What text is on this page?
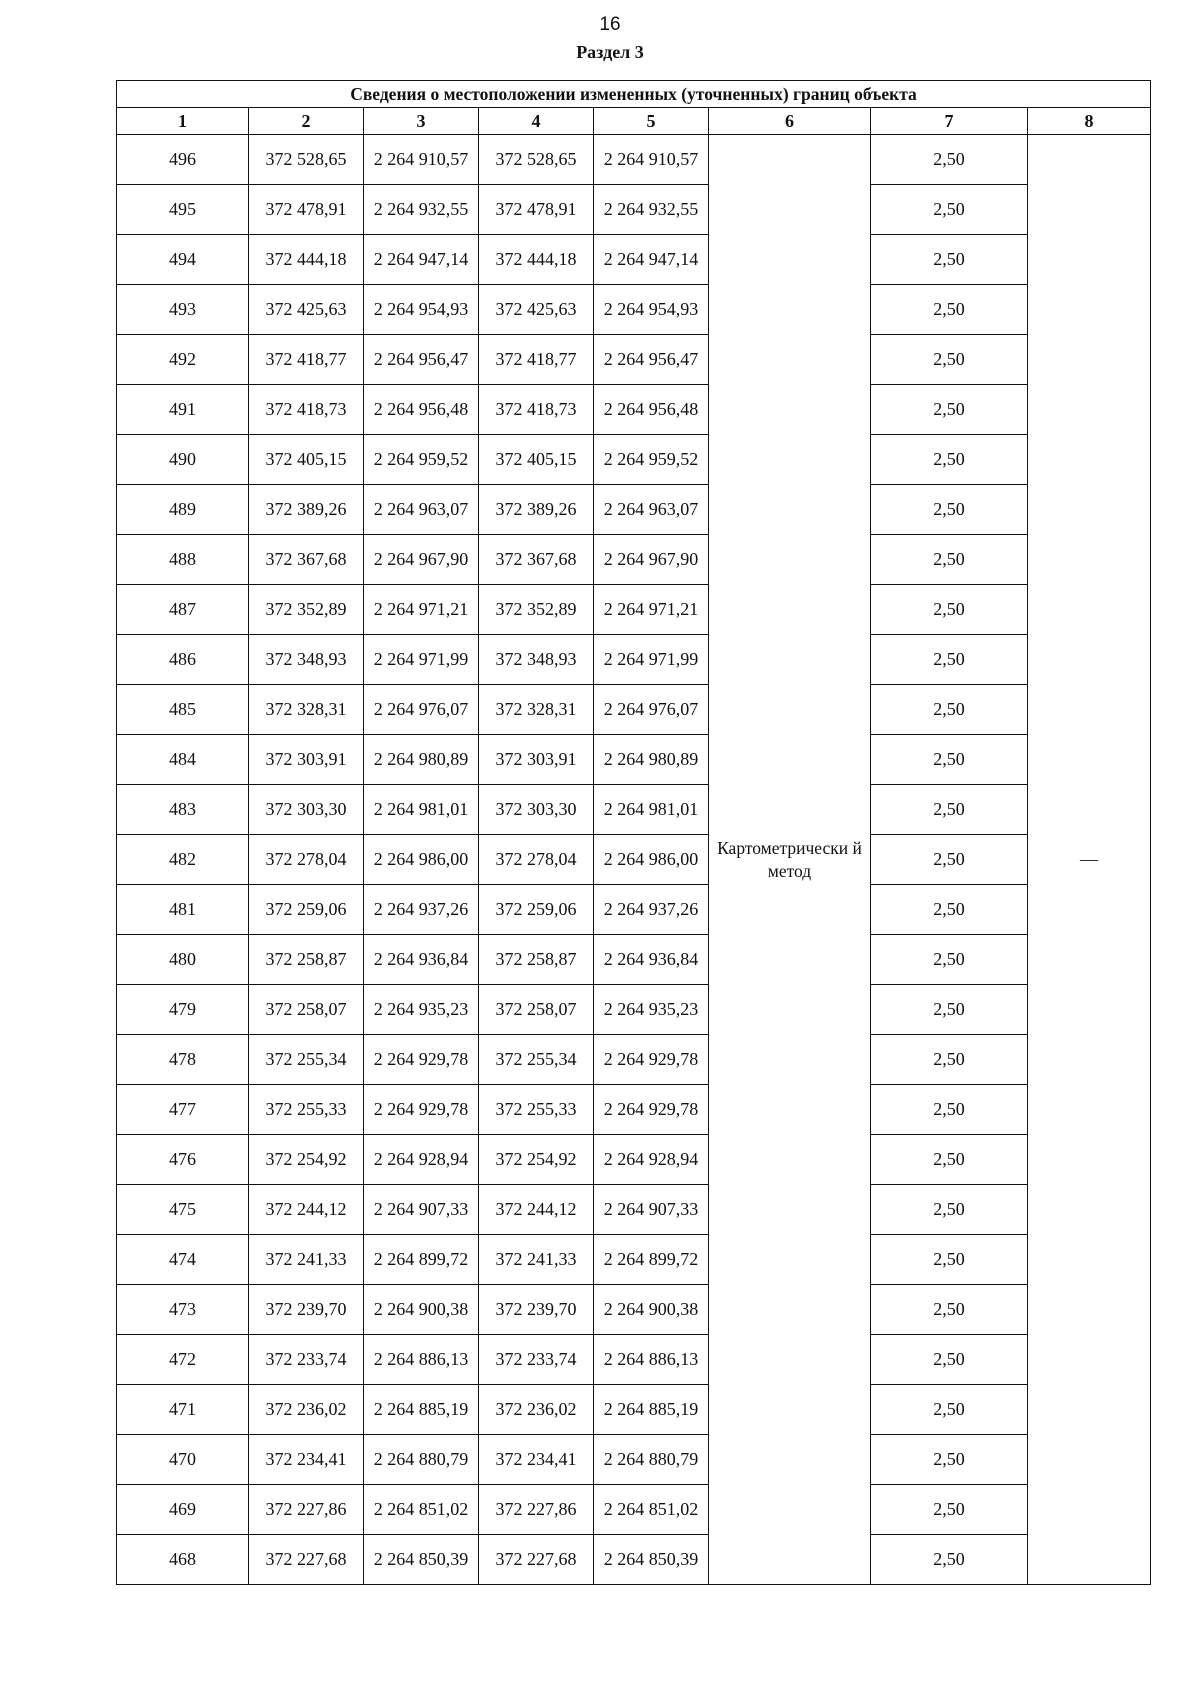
16
Раздел 3
Сведения о местоположении измененных (уточненных) границ объекта							
1	2	3	4	5	6	7	8
496	372 528,65	2 264 910,57	372 528,65	2 264 910,57	Картометрически й метод	2,50	—
495	372 478,91	2 264 932,55	372 478,91	2 264 932,55		2,50	
494	372 444,18	2 264 947,14	372 444,18	2 264 947,14		2,50	
493	372 425,63	2 264 954,93	372 425,63	2 264 954,93		2,50	
492	372 418,77	2 264 956,47	372 418,77	2 264 956,47		2,50	
491	372 418,73	2 264 956,48	372 418,73	2 264 956,48		2,50	
490	372 405,15	2 264 959,52	372 405,15	2 264 959,52		2,50	
489	372 389,26	2 264 963,07	372 389,26	2 264 963,07		2,50	
488	372 367,68	2 264 967,90	372 367,68	2 264 967,90		2,50	
487	372 352,89	2 264 971,21	372 352,89	2 264 971,21		2,50	
486	372 348,93	2 264 971,99	372 348,93	2 264 971,99		2,50	
485	372 328,31	2 264 976,07	372 328,31	2 264 976,07		2,50	
484	372 303,91	2 264 980,89	372 303,91	2 264 980,89		2,50	
483	372 303,30	2 264 981,01	372 303,30	2 264 981,01		2,50	
482	372 278,04	2 264 986,00	372 278,04	2 264 986,00		2,50	
481	372 259,06	2 264 937,26	372 259,06	2 264 937,26		2,50	
480	372 258,87	2 264 936,84	372 258,87	2 264 936,84		2,50	
479	372 258,07	2 264 935,23	372 258,07	2 264 935,23		2,50	
478	372 255,34	2 264 929,78	372 255,34	2 264 929,78		2,50	
477	372 255,33	2 264 929,78	372 255,33	2 264 929,78		2,50	
476	372 254,92	2 264 928,94	372 254,92	2 264 928,94		2,50	
475	372 244,12	2 264 907,33	372 244,12	2 264 907,33		2,50	
474	372 241,33	2 264 899,72	372 241,33	2 264 899,72		2,50	
473	372 239,70	2 264 900,38	372 239,70	2 264 900,38		2,50	
472	372 233,74	2 264 886,13	372 233,74	2 264 886,13		2,50	
471	372 236,02	2 264 885,19	372 236,02	2 264 885,19		2,50	
470	372 234,41	2 264 880,79	372 234,41	2 264 880,79		2,50	
469	372 227,86	2 264 851,02	372 227,86	2 264 851,02		2,50	
468	372 227,68	2 264 850,39	372 227,68	2 264 850,39		2,50	
